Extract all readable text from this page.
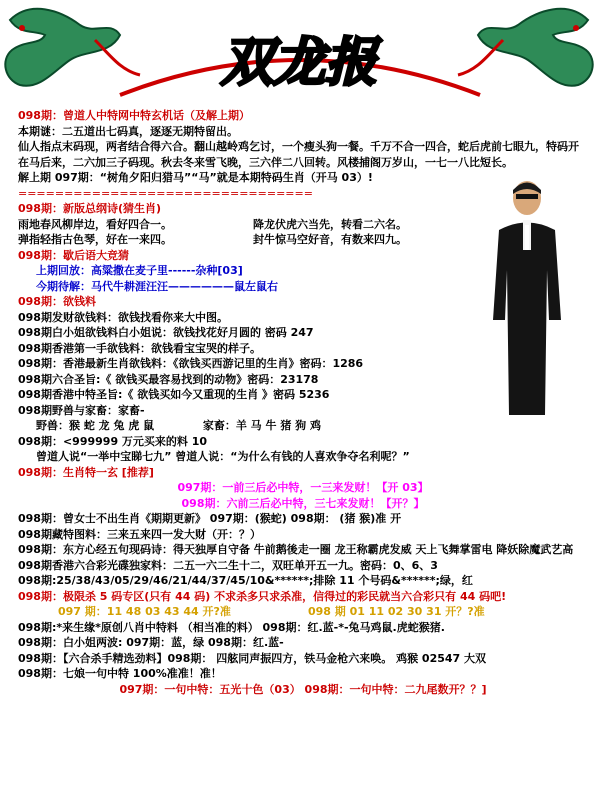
双龙报
098期：曾道人中特网中特玄机话（及解上期）
本期谜：二五道出七码真，逐逐无期特留出。
仙人指点末码现，两者结合得六合。翻山越岭鸡乞讨，一个瘦头狗一餐。千万不合一四合，蛇后虎前七眼九，特码开在马后来，二六加三子码现。秋去冬来雪飞晚，三六伴二八回转。风楼捕阁万岁山，一七一八比短长。
解上期 097期：“树角夕阳归猎马”“马”就是本期特码生肖（开马 03）!
================================
098期：新版总纲诗(猜生肖)
雨地春风柳岸边，看好四合一。	降龙伏虎六当先，转看二六名。
弹指轻指古色琴，好在一来四。	封牛惊马空好音，有数来四九。
098期：歇后语大竞猜
上期回放：高粱撒在麦子里------杂种[03]
今期待解：马代牛耕涯汪汪——————鼠左鼠右
098期：欲钱料
098期发财欲钱料：欲钱找看你来大中图。
098期白小姐欲钱料白小姐说：欲钱找花好月圆的 密码 247
098期香港第一手欲钱料：欲钱看宝宝哭的样子。
098期：香港最新生肖欲钱料：《欲钱买西游记里的生肖》密码：1286
098期六合圣旨:《 欲钱买最容易找到的动物》密码：23178
098期香港中特圣旨:《 欲钱买如今又重现的生肖 》密码 5236
098期野兽与家畜：家畜-
野兽：猴 蛇 龙 兔 虎 鼠	家畜：羊 马 牛 猪 狗 鸡
098期：<999999 万元买来的料 10
曾道人说“一举中宝睇七九” 曾道人说：“为什么有钱的人喜欢争夺名利呢？”
098期：生肖特一玄 [推荐]
097期：一前三后必中特，一三来发财！【开 03】
098期：六前三后必中特，三七来发财！【开？】
098期：曾女士不出生肖《期期更新》 097期：(猴蛇) 098期： (猪 猴)准 开
098期藏特图料：三来五来四一发大财（开：？）
098期：东方心经五句现码诗：得天独厚自守备 牛前鹅後走一圈 龙王称霸虎发威 天上飞舞掌雷电 降妖除魔武艺高
098期香港六合彩光碟独家料：二五一六二生十二，双旺单开五一九。密码：0、6、3
098期:25/38/43/05/29/46/21/44/37/45/10&******;排除 11 个号码&******;绿，红
098期：极限杀 5 码专区(只有 44 码) 不求杀多只求杀准，信得过的彩民就当六合彩只有 44 码吧!
097 期：11 48 03 43 44 开?准	098 期 01 11 02 30 31 开？?准
098期:*来生缘*原创八肖中特料 （相当准的料） 098期：红.蓝-*-兔马鸡鼠.虎蛇猴猪.
098期：白小姐两波: 097期：蓝，绿 098期：红.蓝-
098期：【六合杀手精选劲料】098期： 四舷同声振四方，铁马金枪六来唤。 鸡猴 02547 大双
098期：七娘一句中特 100%准准！准！
097期：一句中特：五光十色（03） 098期：一句中特：二九尾数开？？]
